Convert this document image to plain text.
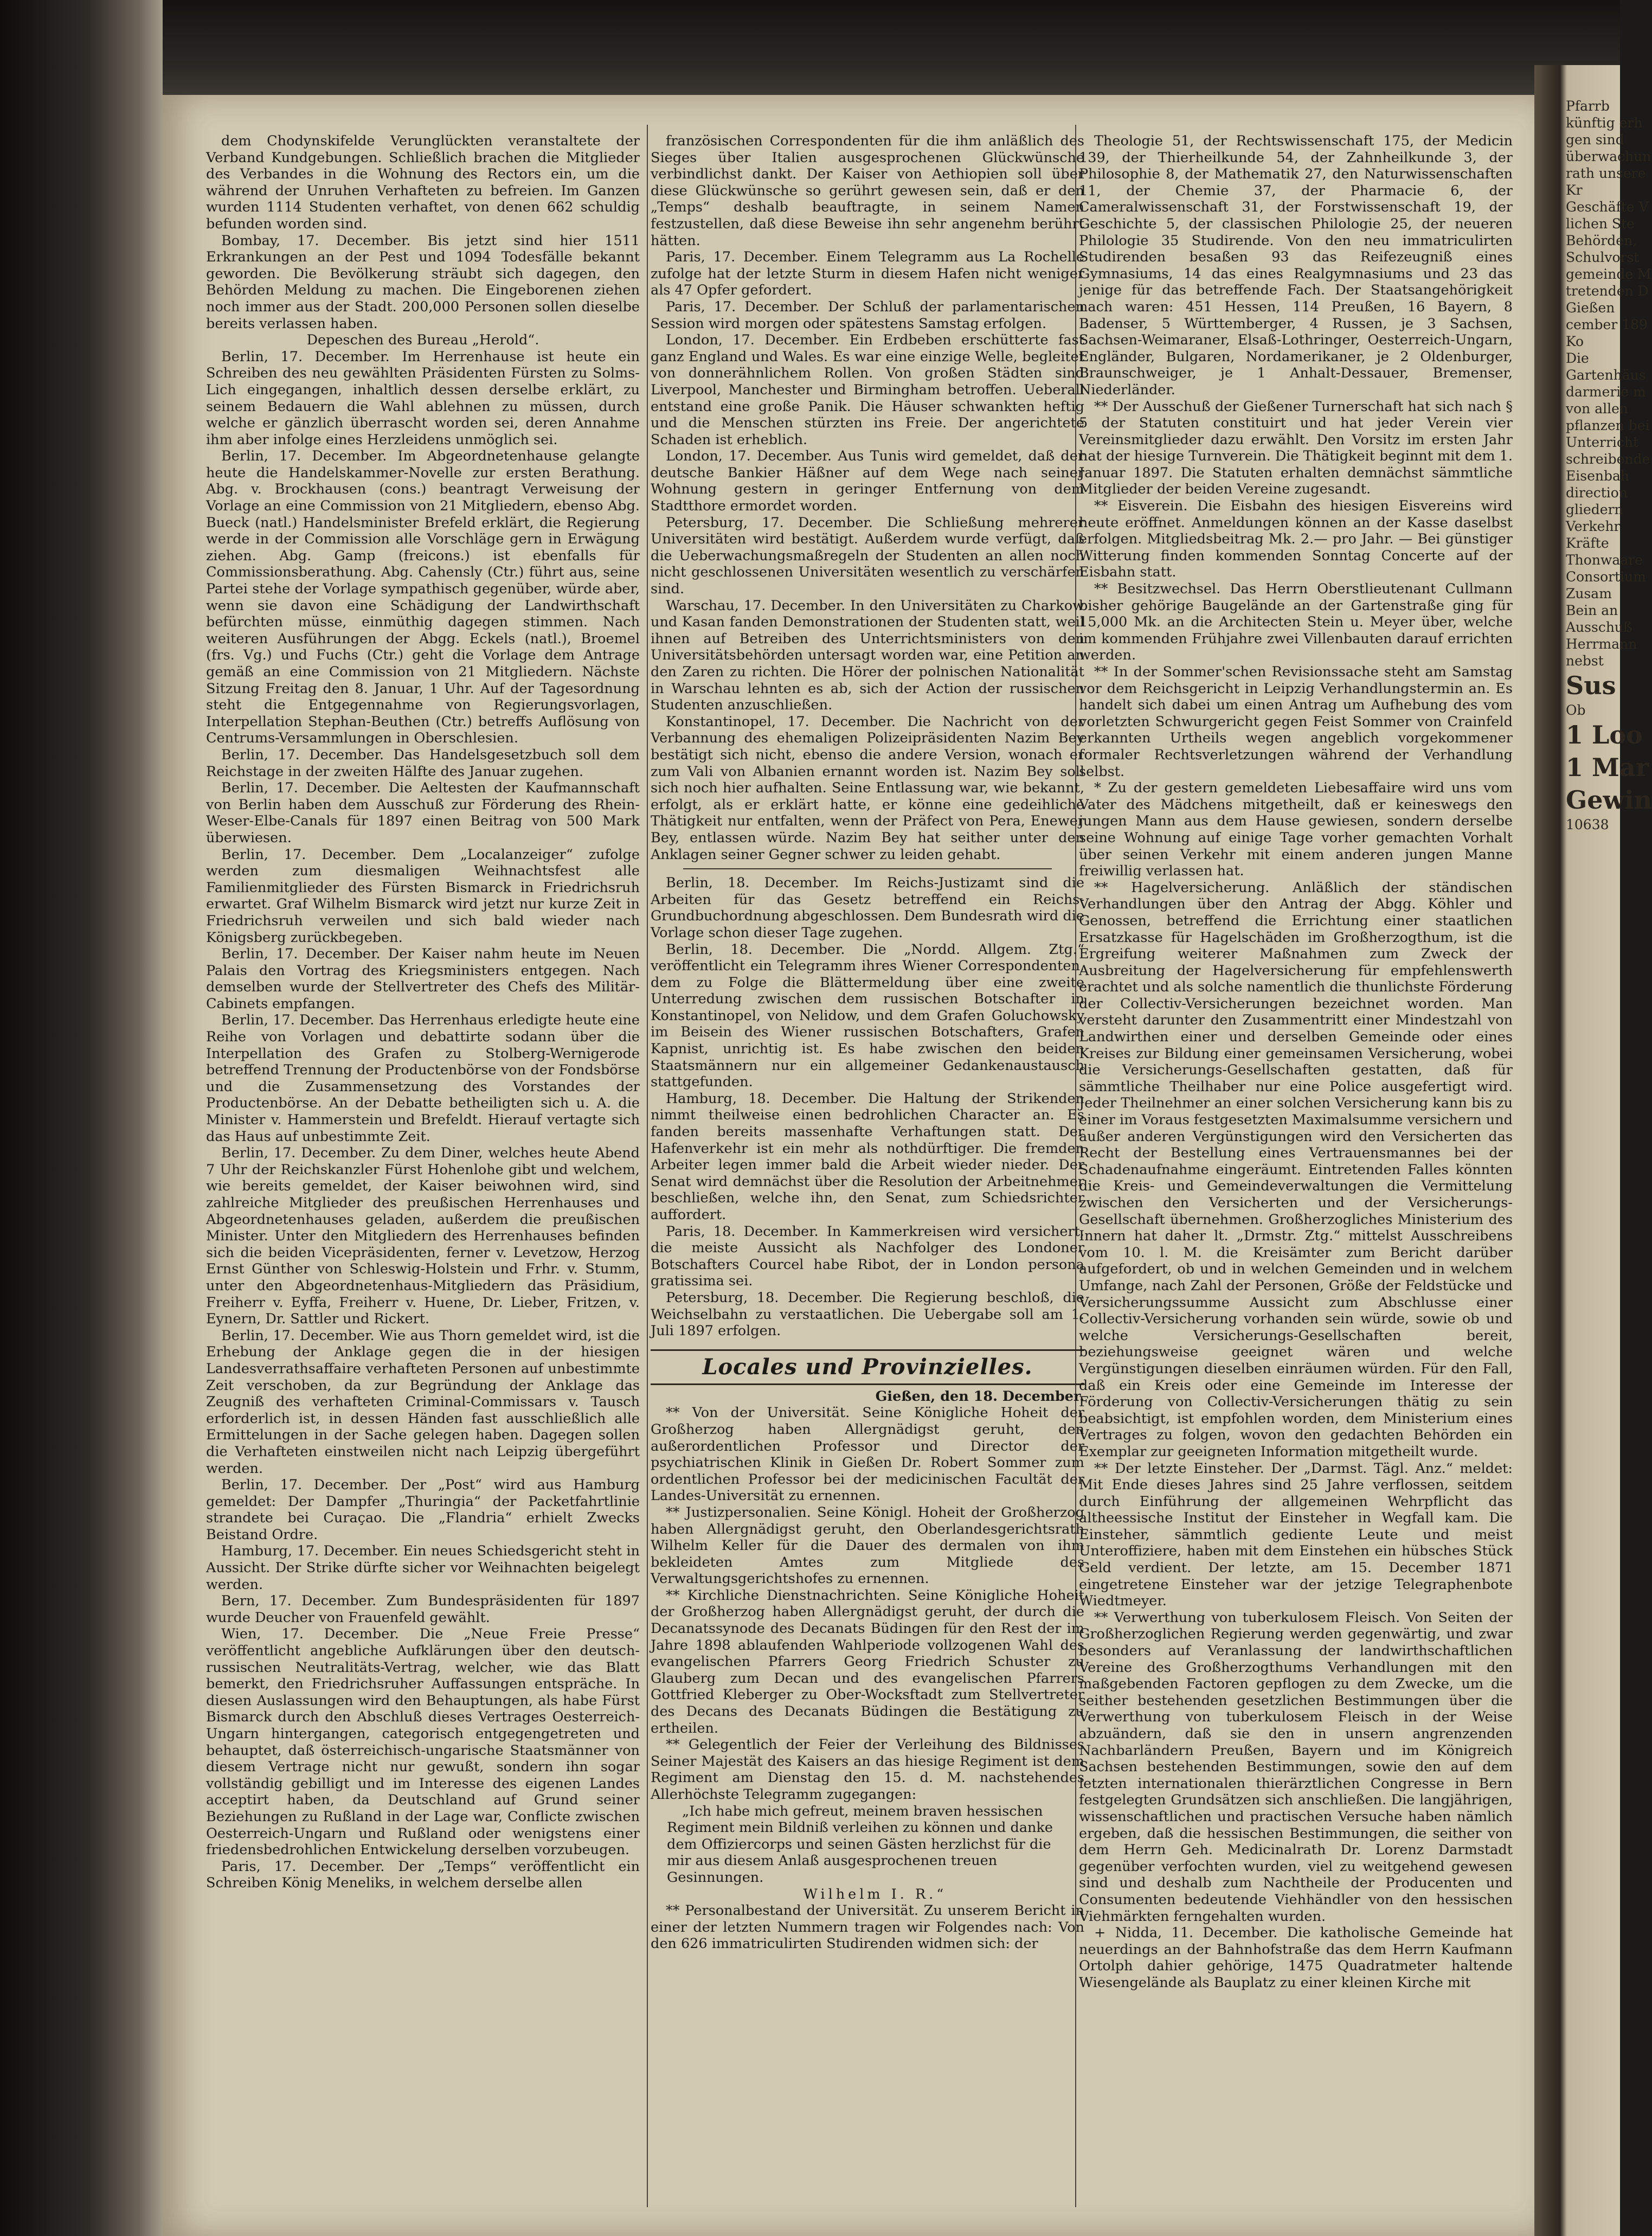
dem Chodynskifelde Verunglückten veranstaltete der Verband Kundgebungen. Schließlich brachen die Mitglieder des Verbandes in die Wohnung des Rectors ein, um die während der Unruhen Verhafteten zu befreien. Im Ganzen wurden 1114 Studenten verhaftet, von denen 662 schuldig befunden worden sind.

Bombay, 17. December. Bis jetzt sind hier 1511 Erkrankungen an der Pest und 1094 Todesfälle bekannt geworden. Die Bevölkerung sträubt sich dagegen, den Behörden Meldung zu machen. Die Eingeborenen ziehen noch immer aus der Stadt. 200,000 Personen sollen dieselbe bereits verlassen haben.

Depeschen des Bureau „Herold“.

Berlin, 17. December. Im Herrenhause ist heute ein Schreiben des neu gewählten Präsidenten Fürsten zu Solms-Lich eingegangen, inhaltlich dessen derselbe erklärt, zu seinem Bedauern die Wahl ablehnen zu müssen, durch welche er gänzlich überrascht worden sei, deren Annahme ihm aber infolge eines Herzleidens unmöglich sei.

Berlin, 17. December. Im Abgeordnetenhause gelangte heute die Handelskammer-Novelle zur ersten Berathung. Abg. v. Brockhausen (cons.) beantragt Verweisung der Vorlage an eine Commission von 21 Mitgliedern, ebenso Abg. Bueck (natl.) Handelsminister Brefeld erklärt, die Regierung werde in der Commission alle Vorschläge gern in Erwägung ziehen. Abg. Gamp (freicons.) ist ebenfalls für Commissionsberathung. Abg. Cahensly (Ctr.) führt aus, seine Partei stehe der Vorlage sympathisch gegenüber, würde aber, wenn sie davon eine Schädigung der Landwirthschaft befürchten müsse, einmüthig dagegen stimmen. Nach weiteren Ausführungen der Abgg. Eckels (natl.), Broemel (frs. Vg.) und Fuchs (Ctr.) geht die Vorlage dem Antrage gemäß an eine Commission von 21 Mitgliedern. Nächste Sitzung Freitag den 8. Januar, 1 Uhr. Auf der Tagesordnung steht die Entgegennahme von Regierungsvorlagen, Interpellation Stephan-Beuthen (Ctr.) betreffs Auflösung von Centrums-Versammlungen in Oberschlesien.

Berlin, 17. December. Das Handelsgesetzbuch soll dem Reichstage in der zweiten Hälfte des Januar zugehen.

Berlin, 17. December. Die Aeltesten der Kaufmannschaft von Berlin haben dem Ausschuß zur Förderung des Rhein-Weser-Elbe-Canals für 1897 einen Beitrag von 500 Mark überwiesen.

Berlin, 17. December. Dem „Localanzeiger“ zufolge werden zum diesmaligen Weihnachtsfest alle Familienmitglieder des Fürsten Bismarck in Friedrichsruh erwartet. Graf Wilhelm Bismarck wird jetzt nur kurze Zeit in Friedrichsruh verweilen und sich bald wieder nach Königsberg zurückbegeben.

Berlin, 17. December. Der Kaiser nahm heute im Neuen Palais den Vortrag des Kriegsministers entgegen. Nach demselben wurde der Stellvertreter des Chefs des Militär-Cabinets empfangen.

Berlin, 17. December. Das Herrenhaus erledigte heute eine Reihe von Vorlagen und debattirte sodann über die Interpellation des Grafen zu Stolberg-Wernigerode betreffend Trennung der Productenbörse von der Fondsbörse und die Zusammensetzung des Vorstandes der Productenbörse. An der Debatte betheiligten sich u. A. die Minister v. Hammerstein und Brefeldt. Hierauf vertagte sich das Haus auf unbestimmte Zeit.

Berlin, 17. December. Zu dem Diner, welches heute Abend 7 Uhr der Reichskanzler Fürst Hohenlohe gibt und welchem, wie bereits gemeldet, der Kaiser beiwohnen wird, sind zahlreiche Mitglieder des preußischen Herrenhauses und Abgeordnetenhauses geladen, außerdem die preußischen Minister. Unter den Mitgliedern des Herrenhauses befinden sich die beiden Vicepräsidenten, ferner v. Levetzow, Herzog Ernst Günther von Schleswig-Holstein und Frhr. v. Stumm, unter den Abgeordnetenhaus-Mitgliedern das Präsidium, Freiherr v. Eyffa, Freiherr v. Huene, Dr. Lieber, Fritzen, v. Eynern, Dr. Sattler und Rickert.

Berlin, 17. December. Wie aus Thorn gemeldet wird, ist die Erhebung der Anklage gegen die in der hiesigen Landesverrathsaffaire verhafteten Personen auf unbestimmte Zeit verschoben, da zur Begründung der Anklage das Zeugniß des verhafteten Criminal-Commissars v. Tausch erforderlich ist, in dessen Händen fast ausschließlich alle Ermittelungen in der Sache gelegen haben. Dagegen sollen die Verhafteten einstweilen nicht nach Leipzig übergeführt werden.

Berlin, 17. December. Der „Post“ wird aus Hamburg gemeldet: Der Dampfer „Thuringia“ der Packetfahrtlinie strandete bei Curaçao. Die „Flandria“ erhielt Zwecks Beistand Ordre.

Hamburg, 17. December. Ein neues Schiedsgericht steht in Aussicht. Der Strike dürfte sicher vor Weihnachten beigelegt werden.

Bern, 17. December. Zum Bundespräsidenten für 1897 wurde Deucher von Frauenfeld gewählt.

Wien, 17. December. Die „Neue Freie Presse“ veröffentlicht angebliche Aufklärungen über den deutsch-russischen Neutralitäts-Vertrag, welcher, wie das Blatt bemerkt, den Friedrichsruher Auffassungen entspräche. In diesen Auslassungen wird den Behauptungen, als habe Fürst Bismarck durch den Abschluß dieses Vertrages Oesterreich-Ungarn hintergangen, categorisch entgegengetreten und behauptet, daß österreichisch-ungarische Staatsmänner von diesem Vertrage nicht nur gewußt, sondern ihn sogar vollständig gebilligt und im Interesse des eigenen Landes acceptirt haben, da Deutschland auf Grund seiner Beziehungen zu Rußland in der Lage war, Conflicte zwischen Oesterreich-Ungarn und Rußland oder wenigstens einer friedensbedrohlichen Entwickelung derselben vorzubeugen.

Paris, 17. December. Der „Temps“ veröffentlicht ein Schreiben König Meneliks, in welchem derselbe allen

französischen Correspondenten für die ihm anläßlich des Sieges über Italien ausgesprochenen Glückwünsche verbindlichst dankt. Der Kaiser von Aethiopien soll über diese Glückwünsche so gerührt gewesen sein, daß er den „Temps“ deshalb beauftragte, in seinem Namen festzustellen, daß diese Beweise ihn sehr angenehm berührt hätten.

Paris, 17. December. Einem Telegramm aus La Rochelle zufolge hat der letzte Sturm in diesem Hafen nicht weniger als 47 Opfer gefordert.

Paris, 17. December. Der Schluß der parlamentarischen Session wird morgen oder spätestens Samstag erfolgen.

London, 17. December. Ein Erdbeben erschütterte fast ganz England und Wales. Es war eine einzige Welle, begleitet von donnerähnlichem Rollen. Von großen Städten sind Liverpool, Manchester und Birmingham betroffen. Ueberall entstand eine große Panik. Die Häuser schwankten heftig und die Menschen stürzten ins Freie. Der angerichtete Schaden ist erheblich.

London, 17. December. Aus Tunis wird gemeldet, daß der deutsche Bankier Häßner auf dem Wege nach seiner Wohnung gestern in geringer Entfernung von dem Stadtthore ermordet worden.

Petersburg, 17. December. Die Schließung mehrerer Universitäten wird bestätigt. Außerdem wurde verfügt, daß die Ueberwachungsmaßregeln der Studenten an allen noch nicht geschlossenen Universitäten wesentlich zu verschärfen sind.

Warschau, 17. December. In den Universitäten zu Charkow und Kasan fanden Demonstrationen der Studenten statt, weil ihnen auf Betreiben des Unterrichtsministers von den Universitätsbehörden untersagt worden war, eine Petition an den Zaren zu richten. Die Hörer der polnischen Nationalität in Warschau lehnten es ab, sich der Action der russischen Studenten anzuschließen.

Konstantinopel, 17. December. Die Nachricht von der Verbannung des ehemaligen Polizeipräsidenten Nazim Bey bestätigt sich nicht, ebenso die andere Version, wonach er zum Vali von Albanien ernannt worden ist. Nazim Bey soll sich noch hier aufhalten. Seine Entlassung war, wie bekannt, erfolgt, als er erklärt hatte, er könne eine gedeihliche Thätigkeit nur entfalten, wenn der Präfect von Pera, Enewer Bey, entlassen würde. Nazim Bey hat seither unter den Anklagen seiner Gegner schwer zu leiden gehabt.

Berlin, 18. December. Im Reichs-Justizamt sind die Arbeiten für das Gesetz betreffend ein Reichs-Grundbuchordnung abgeschlossen. Dem Bundesrath wird die Vorlage schon dieser Tage zugehen.

Berlin, 18. December. Die „Nordd. Allgem. Ztg.“ veröffentlicht ein Telegramm ihres Wiener Correspondenten, dem zu Folge die Blättermeldung über eine zweite Unterredung zwischen dem russischen Botschafter in Konstantinopel, von Nelidow, und dem Grafen Goluchowsky im Beisein des Wiener russischen Botschafters, Grafen Kapnist, unrichtig ist. Es habe zwischen den beiden Staatsmännern nur ein allgemeiner Gedankenaustausch stattgefunden.

Hamburg, 18. December. Die Haltung der Strikenden nimmt theilweise einen bedrohlichen Character an. Es fanden bereits massenhafte Verhaftungen statt. Der Hafenverkehr ist ein mehr als nothdürftiger. Die fremden Arbeiter legen immer bald die Arbeit wieder nieder. Der Senat wird demnächst über die Resolution der Arbeitnehmer beschließen, welche ihn, den Senat, zum Schiedsrichter auffordert.

Paris, 18. December. In Kammerkreisen wird versichert, die meiste Aussicht als Nachfolger des Londoner Botschafters Courcel habe Ribot, der in London persona gratissima sei.

Petersburg, 18. December. Die Regierung beschloß, die Weichselbahn zu verstaatlichen. Die Uebergabe soll am 1. Juli 1897 erfolgen.

Locales und Provinzielles.
Gießen, den 18. December.

** Von der Universität. Seine Königliche Hoheit der Großherzog haben Allergnädigst geruht, den außerordentlichen Professor und Director der psychiatrischen Klinik in Gießen Dr. Robert Sommer zum ordentlichen Professor bei der medicinischen Facultät der Landes-Universität zu ernennen.

** Justizpersonalien. Seine Königl. Hoheit der Großherzog haben Allergnädigst geruht, den Oberlandesgerichtsrath Wilhelm Keller für die Dauer des dermalen von ihm bekleideten Amtes zum Mitgliede des Verwaltungsgerichtshofes zu ernennen.

** Kirchliche Dienstnachrichten. Seine Königliche Hoheit der Großherzog haben Allergnädigst geruht, der durch die Decanatssynode des Decanats Büdingen für den Rest der im Jahre 1898 ablaufenden Wahlperiode vollzogenen Wahl des evangelischen Pfarrers Georg Friedrich Schuster zu Glauberg zum Decan und des evangelischen Pfarrers Gottfried Kleberger zu Ober-Wocksftadt zum Stellvertreter des Decans des Decanats Büdingen die Bestätigung zu ertheilen.

** Gelegentlich der Feier der Verleihung des Bildnisses Seiner Majestät des Kaisers an das hiesige Regiment ist dem Regiment am Dienstag den 15. d. M. nachstehendes Allerhöchste Telegramm zugegangen:

„Ich habe mich gefreut, meinem braven hessischen Regiment mein Bildniß verleihen zu können und danke dem Offiziercorps und seinen Gästen herzlichst für die mir aus diesem Anlaß ausgesprochenen treuen Gesinnungen.

Wilhelm I. R.“

** Personalbestand der Universität. Zu unserem Bericht in einer der letzten Nummern tragen wir Folgendes nach: Von den 626 immatriculirten Studirenden widmen sich: der

Theologie 51, der Rechtswissenschaft 175, der Medicin 139, der Thierheilkunde 54, der Zahnheilkunde 3, der Philosophie 8, der Mathematik 27, den Naturwissenschaften 11, der Chemie 37, der Pharmacie 6, der Cameralwissenschaft 31, der Forstwissenschaft 19, der Geschichte 5, der classischen Philologie 25, der neueren Philologie 35 Studirende. Von den neu immatriculirten Studirenden besaßen 93 das Reifezeugniß eines Gymnasiums, 14 das eines Realgymnasiums und 23 das jenige für das betreffende Fach. Der Staatsangehörigkeit nach waren: 451 Hessen, 114 Preußen, 16 Bayern, 8 Badenser, 5 Württemberger, 4 Russen, je 3 Sachsen, Sachsen-Weimaraner, Elsaß-Lothringer, Oesterreich-Ungarn, Engländer, Bulgaren, Nordamerikaner, je 2 Oldenburger, Braunschweiger, je 1 Anhalt-Dessauer, Bremenser, Niederländer.

** Der Ausschuß der Gießener Turnerschaft hat sich nach § 5 der Statuten constituirt und hat jeder Verein vier Vereinsmitglieder dazu erwählt. Den Vorsitz im ersten Jahr hat der hiesige Turnverein. Die Thätigkeit beginnt mit dem 1. Januar 1897. Die Statuten erhalten demnächst sämmtliche Mitglieder der beiden Vereine zugesandt.

** Eisverein. Die Eisbahn des hiesigen Eisvereins wird heute eröffnet. Anmeldungen können an der Kasse daselbst erfolgen. Mitgliedsbeitrag Mk. 2.— pro Jahr. — Bei günstiger Witterung finden kommenden Sonntag Concerte auf der Eisbahn statt.

** Besitzwechsel. Das Herrn Oberstlieutenant Cullmann bisher gehörige Baugelände an der Gartenstraße ging für 15,000 Mk. an die Architecten Stein u. Meyer über, welche im kommenden Frühjahre zwei Villenbauten darauf errichten werden.

** In der Sommer'schen Revisionssache steht am Samstag vor dem Reichsgericht in Leipzig Verhandlungstermin an. Es handelt sich dabei um einen Antrag um Aufhebung des vom vorletzten Schwurgericht gegen Feist Sommer von Crainfeld erkannten Urtheils wegen angeblich vorgekommener formaler Rechtsverletzungen während der Verhandlung selbst.

* Zu der gestern gemeldeten Liebesaffaire wird uns vom Vater des Mädchens mitgetheilt, daß er keineswegs den jungen Mann aus dem Hause gewiesen, sondern derselbe seine Wohnung auf einige Tage vorher gemachten Vorhalt über seinen Verkehr mit einem anderen jungen Manne freiwillig verlassen hat.

** Hagelversicherung. Anläßlich der ständischen Verhandlungen über den Antrag der Abgg. Köhler und Genossen, betreffend die Errichtung einer staatlichen Ersatzkasse für Hagelschäden im Großherzogthum, ist die Ergreifung weiterer Maßnahmen zum Zweck der Ausbreitung der Hagelversicherung für empfehlenswerth erachtet und als solche namentlich die thunlichste Förderung der Collectiv-Versicherungen bezeichnet worden. Man versteht darunter den Zusammentritt einer Mindestzahl von Landwirthen einer und derselben Gemeinde oder eines Kreises zur Bildung einer gemeinsamen Versicherung, wobei die Versicherungs-Gesellschaften gestatten, daß für sämmtliche Theilhaber nur eine Police ausgefertigt wird. Jeder Theilnehmer an einer solchen Versicherung kann bis zu einer im Voraus festgesetzten Maximalsumme versichern und außer anderen Vergünstigungen wird den Versicherten das Recht der Bestellung eines Vertrauensmannes bei der Schadenaufnahme eingeräumt. Eintretenden Falles könnten die Kreis- und Gemeindeverwaltungen die Vermittelung zwischen den Versicherten und der Versicherungs-Gesellschaft übernehmen. Großherzogliches Ministerium des Innern hat daher lt. „Drmstr. Ztg.“ mittelst Ausschreibens vom 10. l. M. die Kreisämter zum Bericht darüber aufgefordert, ob und in welchen Gemeinden und in welchem Umfange, nach Zahl der Personen, Größe der Feldstücke und Versicherungssumme Aussicht zum Abschlusse einer Collectiv-Versicherung vorhanden sein würde, sowie ob und welche Versicherungs-Gesellschaften bereit, beziehungsweise geeignet wären und welche Vergünstigungen dieselben einräumen würden. Für den Fall, daß ein Kreis oder eine Gemeinde im Interesse der Förderung von Collectiv-Versicherungen thätig zu sein beabsichtigt, ist empfohlen worden, dem Ministerium eines Vertrages zu folgen, wovon den gedachten Behörden ein Exemplar zur geeigneten Information mitgetheilt wurde.

** Der letzte Einsteher. Der „Darmst. Tägl. Anz.“ meldet: Mit Ende dieses Jahres sind 25 Jahre verflossen, seitdem durch Einführung der allgemeinen Wehrpflicht das altheessische Institut der Einsteher in Wegfall kam. Die Einsteher, sämmtlich gediente Leute und meist Unteroffiziere, haben mit dem Einstehen ein hübsches Stück Geld verdient. Der letzte, am 15. December 1871 eingetretene Einsteher war der jetzige Telegraphenbote Wiedtmeyer.

** Verwerthung von tuberkulosem Fleisch. Von Seiten der Großherzoglichen Regierung werden gegenwärtig, und zwar besonders auf Veranlassung der landwirthschaftlichen Vereine des Großherzogthums Verhandlungen mit den maßgebenden Factoren gepflogen zu dem Zwecke, um die seither bestehenden gesetzlichen Bestimmungen über die Verwerthung von tuberkulosem Fleisch in der Weise abzuändern, daß sie den in unsern angrenzenden Nachbarländern Preußen, Bayern und im Königreich Sachsen bestehenden Bestimmungen, sowie den auf dem letzten internationalen thierärztlichen Congresse in Bern festgelegten Grundsätzen sich anschließen. Die langjährigen, wissenschaftlichen und practischen Versuche haben nämlich ergeben, daß die hessischen Bestimmungen, die seither von dem Herrn Geh. Medicinalrath Dr. Lorenz Darmstadt gegenüber verfochten wurden, viel zu weitgehend gewesen sind und deshalb zum Nachtheile der Producenten und Consumenten bedeutende Viehhändler von den hessischen Viehmärkten ferngehalten wurden.

+ Nidda, 11. December. Die katholische Gemeinde hat neuerdings an der Bahnhofstraße das dem Herrn Kaufmann Ortolph dahier gehörige, 1475 Quadratmeter haltende Wiesengelände als Bauplatz zu einer kleinen Kirche mit

Pfarrb
künftig erh
gen sind
überwachun
rath unsere
Kr
Geschäfte V
lichen Ste
Behörden,
Schulvorst
gemeinde M
tretenden D
Gießen
cember 189
Ko
Die
Gartenhäus
darmerie m
von allen
pflanzen bei
Unterricht
schreibende
Eisenbah
direction
gliedern
Verkehr
Kräfte
Thonwaare
Consortium
Zusam
Bein an
Ausschuß
Herrmann
nebst
Sus
Ob
1 Loo
1 Mar
Gewin
10638
